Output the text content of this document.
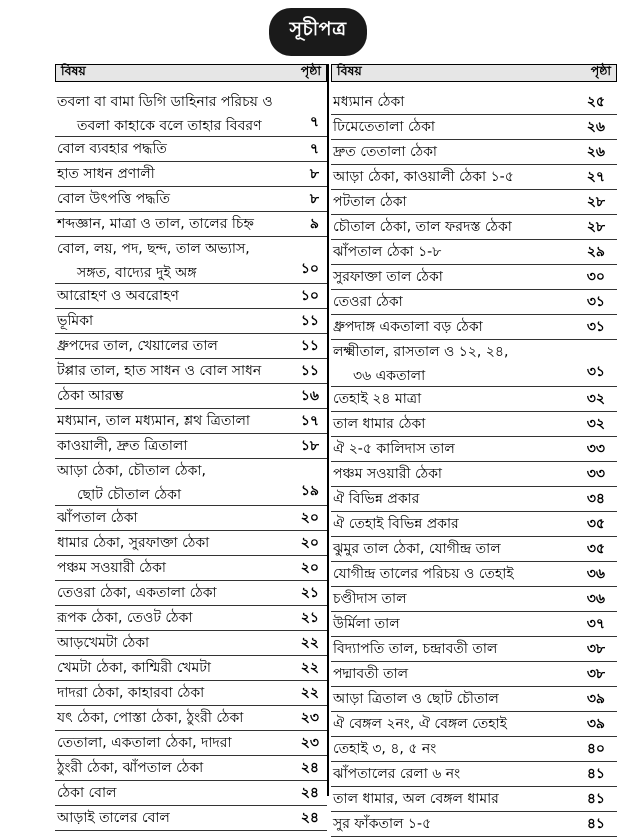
সূচীপত্র
বিষয়	পৃষ্ঠা
তবলা বা বামা ডিগি ডাহিনার পরিচয় ও
তবলা কাহাকে বলে তাহার বিবরণ	৭
বোল ব্যবহার পদ্ধতি	৭
হাত সাধন প্রণালী	৮
বোল উৎপত্তি পদ্ধতি	৮
শব্দজ্ঞান, মাত্রা ও তাল, তালের চিহ্ন	৯
বোল, লয়, পদ, ছন্দ, তাল অভ্যাস,
সঙ্গত, বাদ্যের দুই অঙ্গ	১০
আরোহণ ও অবরোহণ	১০
ভূমিকা	১১
ধ্রুপদের তাল, খেয়ালের তাল	১১
টপ্পার তাল, হাত সাধন ও বোল সাধন	১১
ঠেকা আরম্ভ	১৬
মধ্যমান, তাল মধ্যমান, শ্লথ ত্রিতালা	১৭
কাওয়ালী, দ্রুত ত্রিতালা	১৮
আড়া ঠেকা, চৌতাল ঠেকা,
ছোট চৌতাল ঠেকা	১৯
ঝাঁপতাল ঠেকা	২০
ধামার ঠেকা, সুরফাক্তা ঠেকা	২০
পঞ্চম সওয়ারী ঠেকা	২০
তেওরা ঠেকা, একতালা ঠেকা	২১
রূপক ঠেকা, তেওট ঠেকা	২১
আড়খেমটা ঠেকা	২২
খেমটা ঠেকা, কাশ্মিরী খেমটা	২২
দাদরা ঠেকা, কাহারবা ঠেকা	২২
যৎ ঠেকা, পোস্তা ঠেকা, ঠুংরী ঠেকা	২৩
তেতালা, একতালা ঠেকা, দাদরা	২৩
ঠুংরী ঠেকা, ঝাঁপতাল ঠেকা	২৪
ঠেকা বোল	২৪
আড়াই তালের বোল	২৪
বিষয়	পৃষ্ঠা
মধ্যমান ঠেকা	২৫
ঢিমেতেতালা ঠেকা	২৬
দ্রুত তেতালা ঠেকা	২৬
আড়া ঠেকা, কাওয়ালী ঠেকা ১-৫	২৭
পটতাল ঠেকা	২৮
চৌতাল ঠেকা, তাল ফরদস্ত ঠেকা	২৮
ঝাঁপতাল ঠেকা ১-৮	২৯
সুরফাক্তা তাল ঠেকা	৩০
তেওরা ঠেকা	৩১
ধ্রুপদাঙ্গ একতালা বড় ঠেকা	৩১
লক্ষ্মীতাল, রাসতাল ও ১২, ২৪,
৩৬ একতালা	৩১
তেহাই ২৪ মাত্রা	৩২
তাল ধামার ঠেকা	৩২
ঐ ২-৫ কালিদাস তাল	৩৩
পঞ্চম সওয়ারী ঠেকা	৩৩
ঐ বিভিন্ন প্রকার	৩৪
ঐ তেহাই বিভিন্ন প্রকার	৩৫
ঝুমুর তাল ঠেকা, যোগীন্দ্র তাল	৩৫
যোগীন্দ্র তালের পরিচয় ও তেহাই	৩৬
চণ্ডীদাস তাল	৩৬
উর্মিলা তাল	৩৭
বিদ্যাপতি তাল, চন্দ্রাবতী তাল	৩৮
পদ্মাবতী তাল	৩৮
আড়া ত্রিতাল ও ছোট চৌতাল	৩৯
ঐ বেঙ্গল ২নং, ঐ বেঙ্গল তেহাই	৩৯
তেহাই ৩, ৪, ৫ নং	৪০
ঝাঁপতালের রেলা ৬ নং	৪১
তাল ধামার, অল বেঙ্গল ধামার	৪১
সুর ফাঁকতাল ১-৫	৪১
